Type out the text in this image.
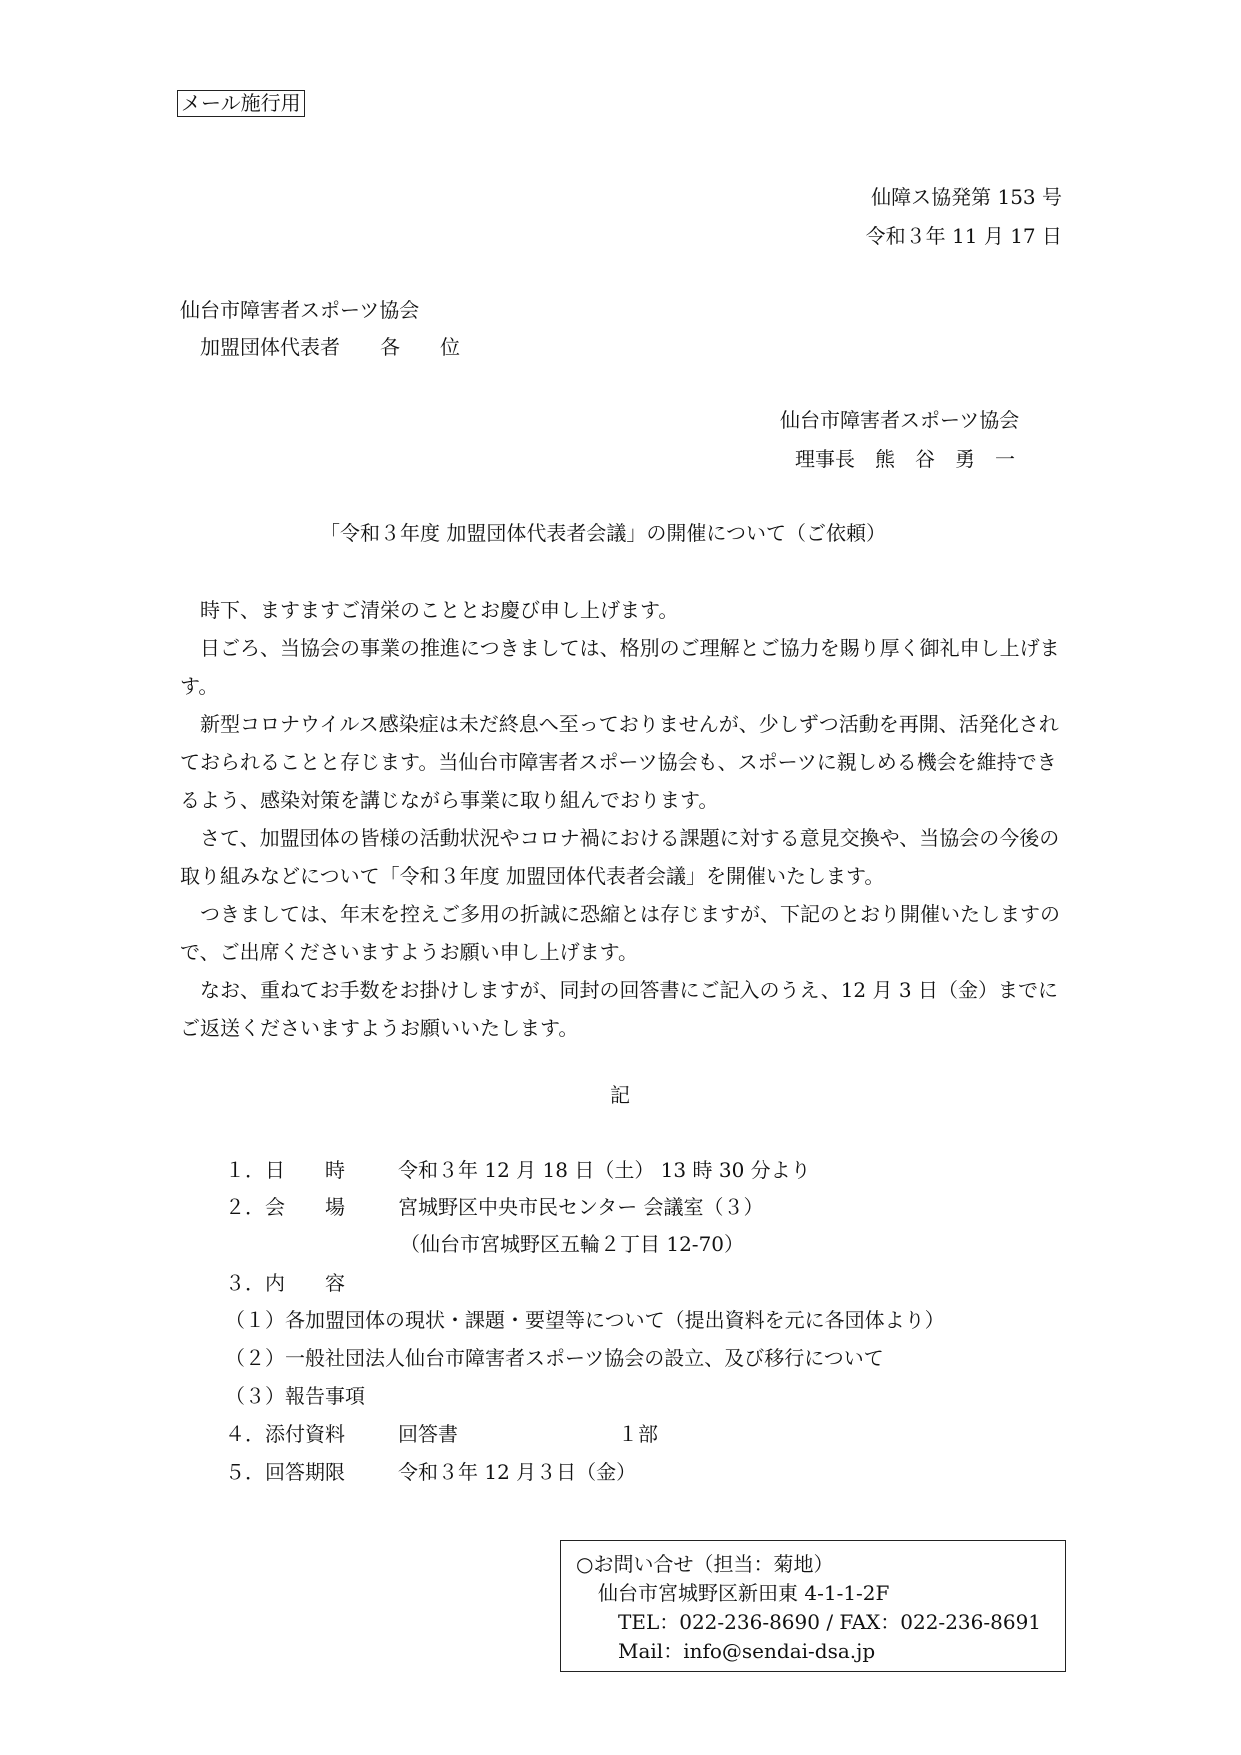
メール施行用
仙障ス協発第 153 号
令和３年 11 月 17 日
仙台市障害者スポーツ協会
加盟団体代表者　　各　　位
仙台市障害者スポーツ協会
理事長　熊　谷　勇　一
「令和３年度 加盟団体代表者会議」の開催について（ご依頼）
時下、ますますご清栄のこととお慶び申し上げます。
日ごろ、当協会の事業の推進につきましては、格別のご理解とご協力を賜り厚く御礼申し上げます。
新型コロナウイルス感染症は未だ終息へ至っておりませんが、少しずつ活動を再開、活発化されておられることと存じます。当仙台市障害者スポーツ協会も、スポーツに親しめる機会を維持できるよう、感染対策を講じながら事業に取り組んでおります。
さて、加盟団体の皆様の活動状況やコロナ禍における課題に対する意見交換や、当協会の今後の取り組みなどについて「令和３年度 加盟団体代表者会議」を開催いたします。
つきましては、年末を控えご多用の折誠に恐縮とは存じますが、下記のとおり開催いたしますので、ご出席くださいますようお願い申し上げます。
なお、重ねてお手数をお掛けしますが、同封の回答書にご記入のうえ、12 月 3 日（金）までにご返送くださいますようお願いいたします。
記
１．日　　時	令和３年 12 月 18 日（土） 13 時 30 分より
２．会　　場	宮城野区中央市民センター 会議室（３）
（仙台市宮城野区五輪２丁目 12-70）
３．内　　容
（１）各加盟団体の現状・課題・要望等について（提出資料を元に各団体より）
（２）一般社団法人仙台市障害者スポーツ協会の設立、及び移行について
（３）報告事項
４．添付資料	回答書	１部
５．回答期限	令和３年 12 月３日（金）
○お問い合せ（担当：菊地）
仙台市宮城野区新田東 4-1-1-2F
TEL：022-236-8690 / FAX：022-236-8691
Mail：info@sendai-dsa.jp
